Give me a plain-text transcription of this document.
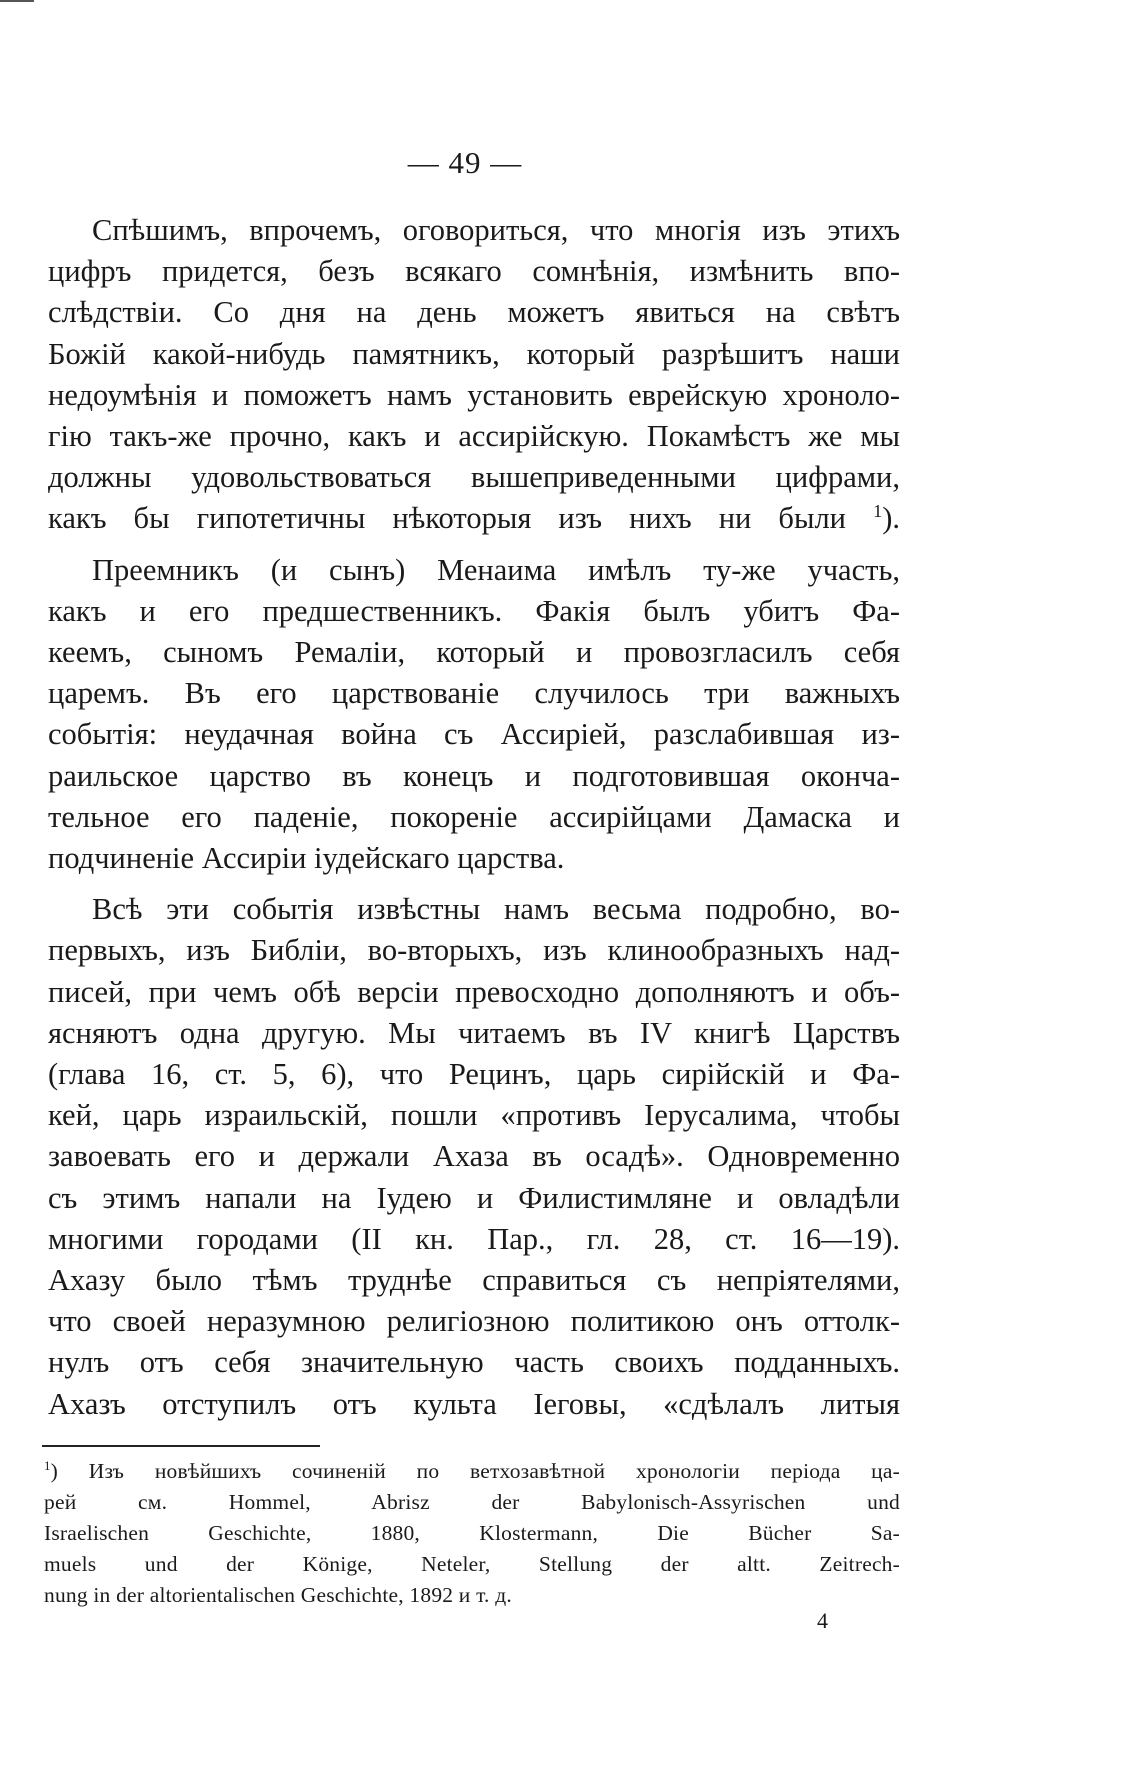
— 49 —
Спѣшимъ, впрочемъ, оговориться, что многія изъ этихъ
цифръ придется, безъ всякаго сомнѣнія, измѣнить впо-
слѣдствіи. Со дня на день можетъ явиться на свѣтъ
Божій какой-нибудь памятникъ, который разрѣшитъ наши
недоумѣнія и поможетъ намъ установить еврейскую хроноло-
гію такъ-же прочно, какъ и ассирійскую. Покамѣстъ же мы
должны удовольствоваться вышеприведенными цифрами,
какъ бы гипотетичны нѣкоторыя изъ нихъ ни были $^1$).
Преемникъ (и сынъ) Менаима имѣлъ ту-же участь,
какъ и его предшественникъ. Факія былъ убитъ Фа-
кеемъ, сыномъ Ремаліи, который и провозгласилъ себя
царемъ. Въ его царствованіе случилось три важныхъ
событія: неудачная война съ Ассиріей, разслабившая из-
раильское царство въ конецъ и подготовившая оконча-
тельное его паденіе, покореніе ассирійцами Дамаска и
подчиненіе Ассиріи іудейскаго царства.
Всѣ эти событія извѣстны намъ весьма подробно, во-
первыхъ, изъ Библіи, во-вторыхъ, изъ клинообразныхъ над-
писей, при чемъ обѣ версіи превосходно дополняютъ и объ-
ясняютъ одна другую. Мы читаемъ въ IV книгѣ Царствъ
(глава 16, ст. 5, 6), что Рецинъ, царь сирійскій и Фа-
кей, царь израильскій, пошли «противъ Іерусалима, чтобы
завоевать его и держали Ахаза въ осадѣ». Одновременно
съ этимъ напали на Іудею и Филистимляне и овладѣли
многими городами (II кн. Пар., гл. 28, ст. 16—19).
Ахазу было тѣмъ труднѣе справиться съ непріятелями,
что своей неразумною религіозною политикою онъ оттолк-
нулъ отъ себя значительную часть своихъ подданныхъ.
Ахазъ отступилъ отъ культа Іеговы, «сдѣлалъ литыя
$^1$) Изъ новѣйшихъ сочиненій по ветхозавѣтной хронологіи періода ца-
рей см. Hommel, Abrisz der Babylonisch-Assyrischen und
Israelischen Geschichte, 1880, Klostermann, Die Bücher Sa-
muels und der Könige, Neteler, Stellung der altt. Zeitrech-
nung in der altorientalischen Geschichte, 1892 и т. д.
4
